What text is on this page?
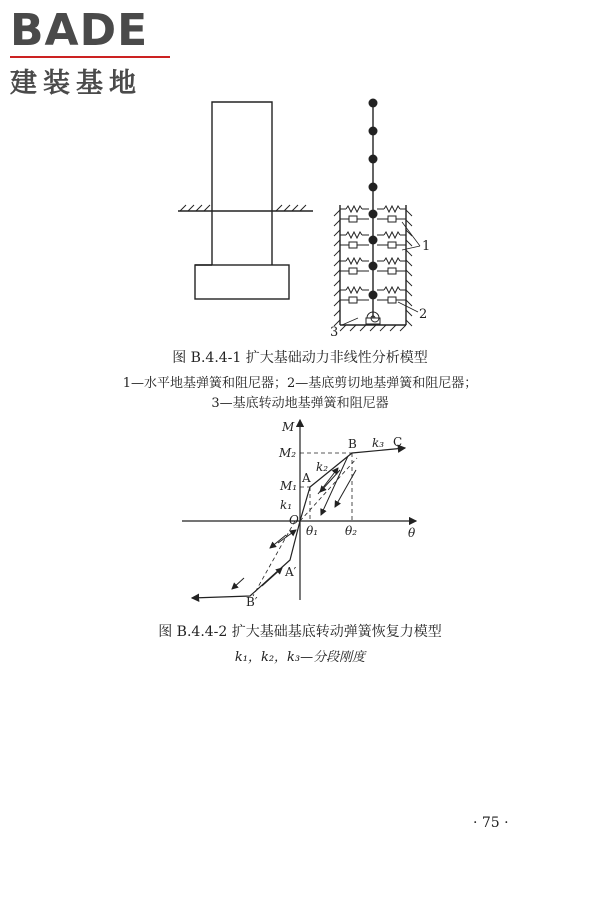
BADE
建装基地
1
2
3
图 B.4.4-1 扩大基础动力非线性分析模型
1—水平地基弹簧和阻尼器；2—基底剪切地基弹簧和阻尼器；
3—基底转动地基弹簧和阻尼器
M
θ
O
M₂
M₁
θ₁ θ₂
A
B	C
A′
B′
k₁
k₂
k₃
图 B.4.4-2 扩大基础基底转动弹簧恢复力模型
k₁，k₂，k₃—分段刚度
· 75 ·
